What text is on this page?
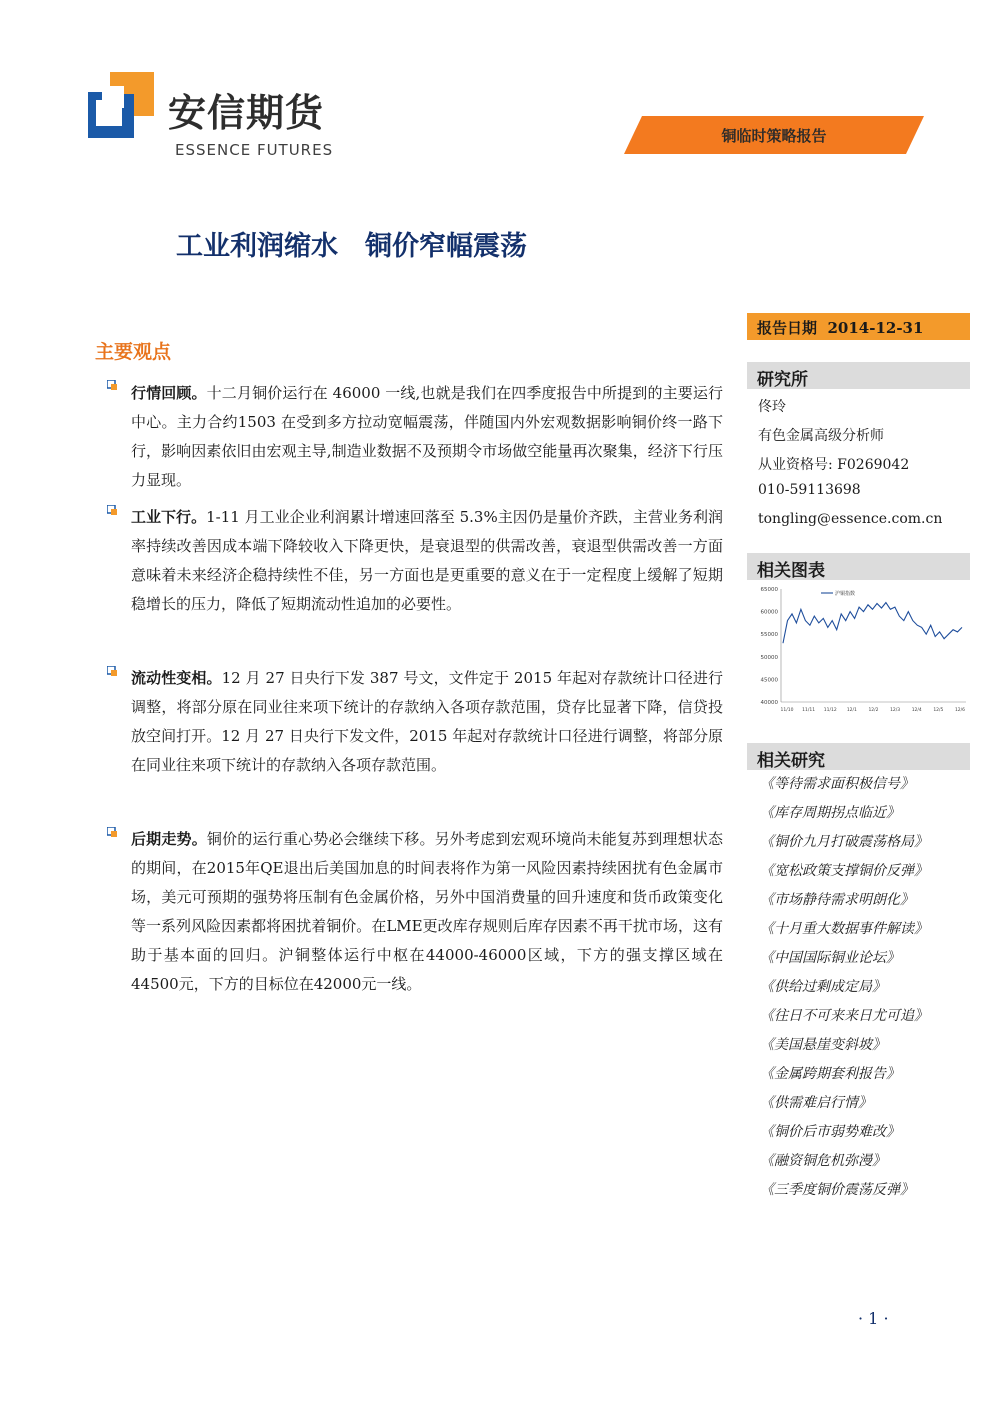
安信期货
ESSENCE FUTURES
铜临时策略报告
工业利润缩水　铜价窄幅震荡
主要观点
行情回顾。十二月铜价运行在 46000 一线,也就是我们在四季度报告中所提到的主要运行中心。主力合约1503 在受到多方拉动宽幅震荡，伴随国内外宏观数据影响铜价终一路下行，影响因素依旧由宏观主导,制造业数据不及预期令市场做空能量再次聚集，经济下行压力显现。
工业下行。1-11 月工业企业利润累计增速回落至 5.3%主因仍是量价齐跌，主营业务利润率持续改善因成本端下降较收入下降更快，是衰退型的供需改善，衰退型供需改善一方面意味着未来经济企稳持续性不佳，另一方面也是更重要的意义在于一定程度上缓解了短期稳增长的压力，降低了短期流动性追加的必要性。
流动性变相。12 月 27 日央行下发 387 号文，文件定于 2015 年起对存款统计口径进行调整，将部分原在同业往来项下统计的存款纳入各项存款范围，贷存比显著下降，信贷投放空间打开。12 月 27 日央行下发文件，2015 年起对存款统计口径进行调整，将部分原在同业往来项下统计的存款纳入各项存款范围。
后期走势。铜价的运行重心势必会继续下移。另外考虑到宏观环境尚未能复苏到理想状态的期间，在2015年QE退出后美国加息的时间表将作为第一风险因素持续困扰有色金属市场，美元可预期的强势将压制有色金属价格，另外中国消费量的回升速度和货币政策变化等一系列风险因素都将困扰着铜价。在LME更改库存规则后库存因素不再干扰市场，这有助于基本面的回归。沪铜整体运行中枢在44000-46000区域，下方的强支撑区域在44500元，下方的目标位在42000元一线。
报告日期 2014-12-31
研究所
佟玲
有色金属高级分析师
从业资格号: F0269042
010-59113698
tongling@essence.com.cn
相关图表
40000
45000
50000
55000
60000
65000
11/10 11/11 11/12 12/1	12/2	12/3	12/4	12/5	12/6
沪铜指数
相关研究
《等待需求面积极信号》
《库存周期拐点临近》
《铜价九月打破震荡格局》
《宽松政策支撑铜价反弹》
《市场静待需求明朗化》
《十月重大数据事件解读》
《中国国际铜业论坛》
《供给过剩成定局》
《往日不可来来日尤可追》
《美国悬崖变斜坡》
《金属跨期套利报告》
《供需难启行情》
《铜价后市弱势难改》
《融资铜危机弥漫》
《三季度铜价震荡反弹》
· 1 ·
